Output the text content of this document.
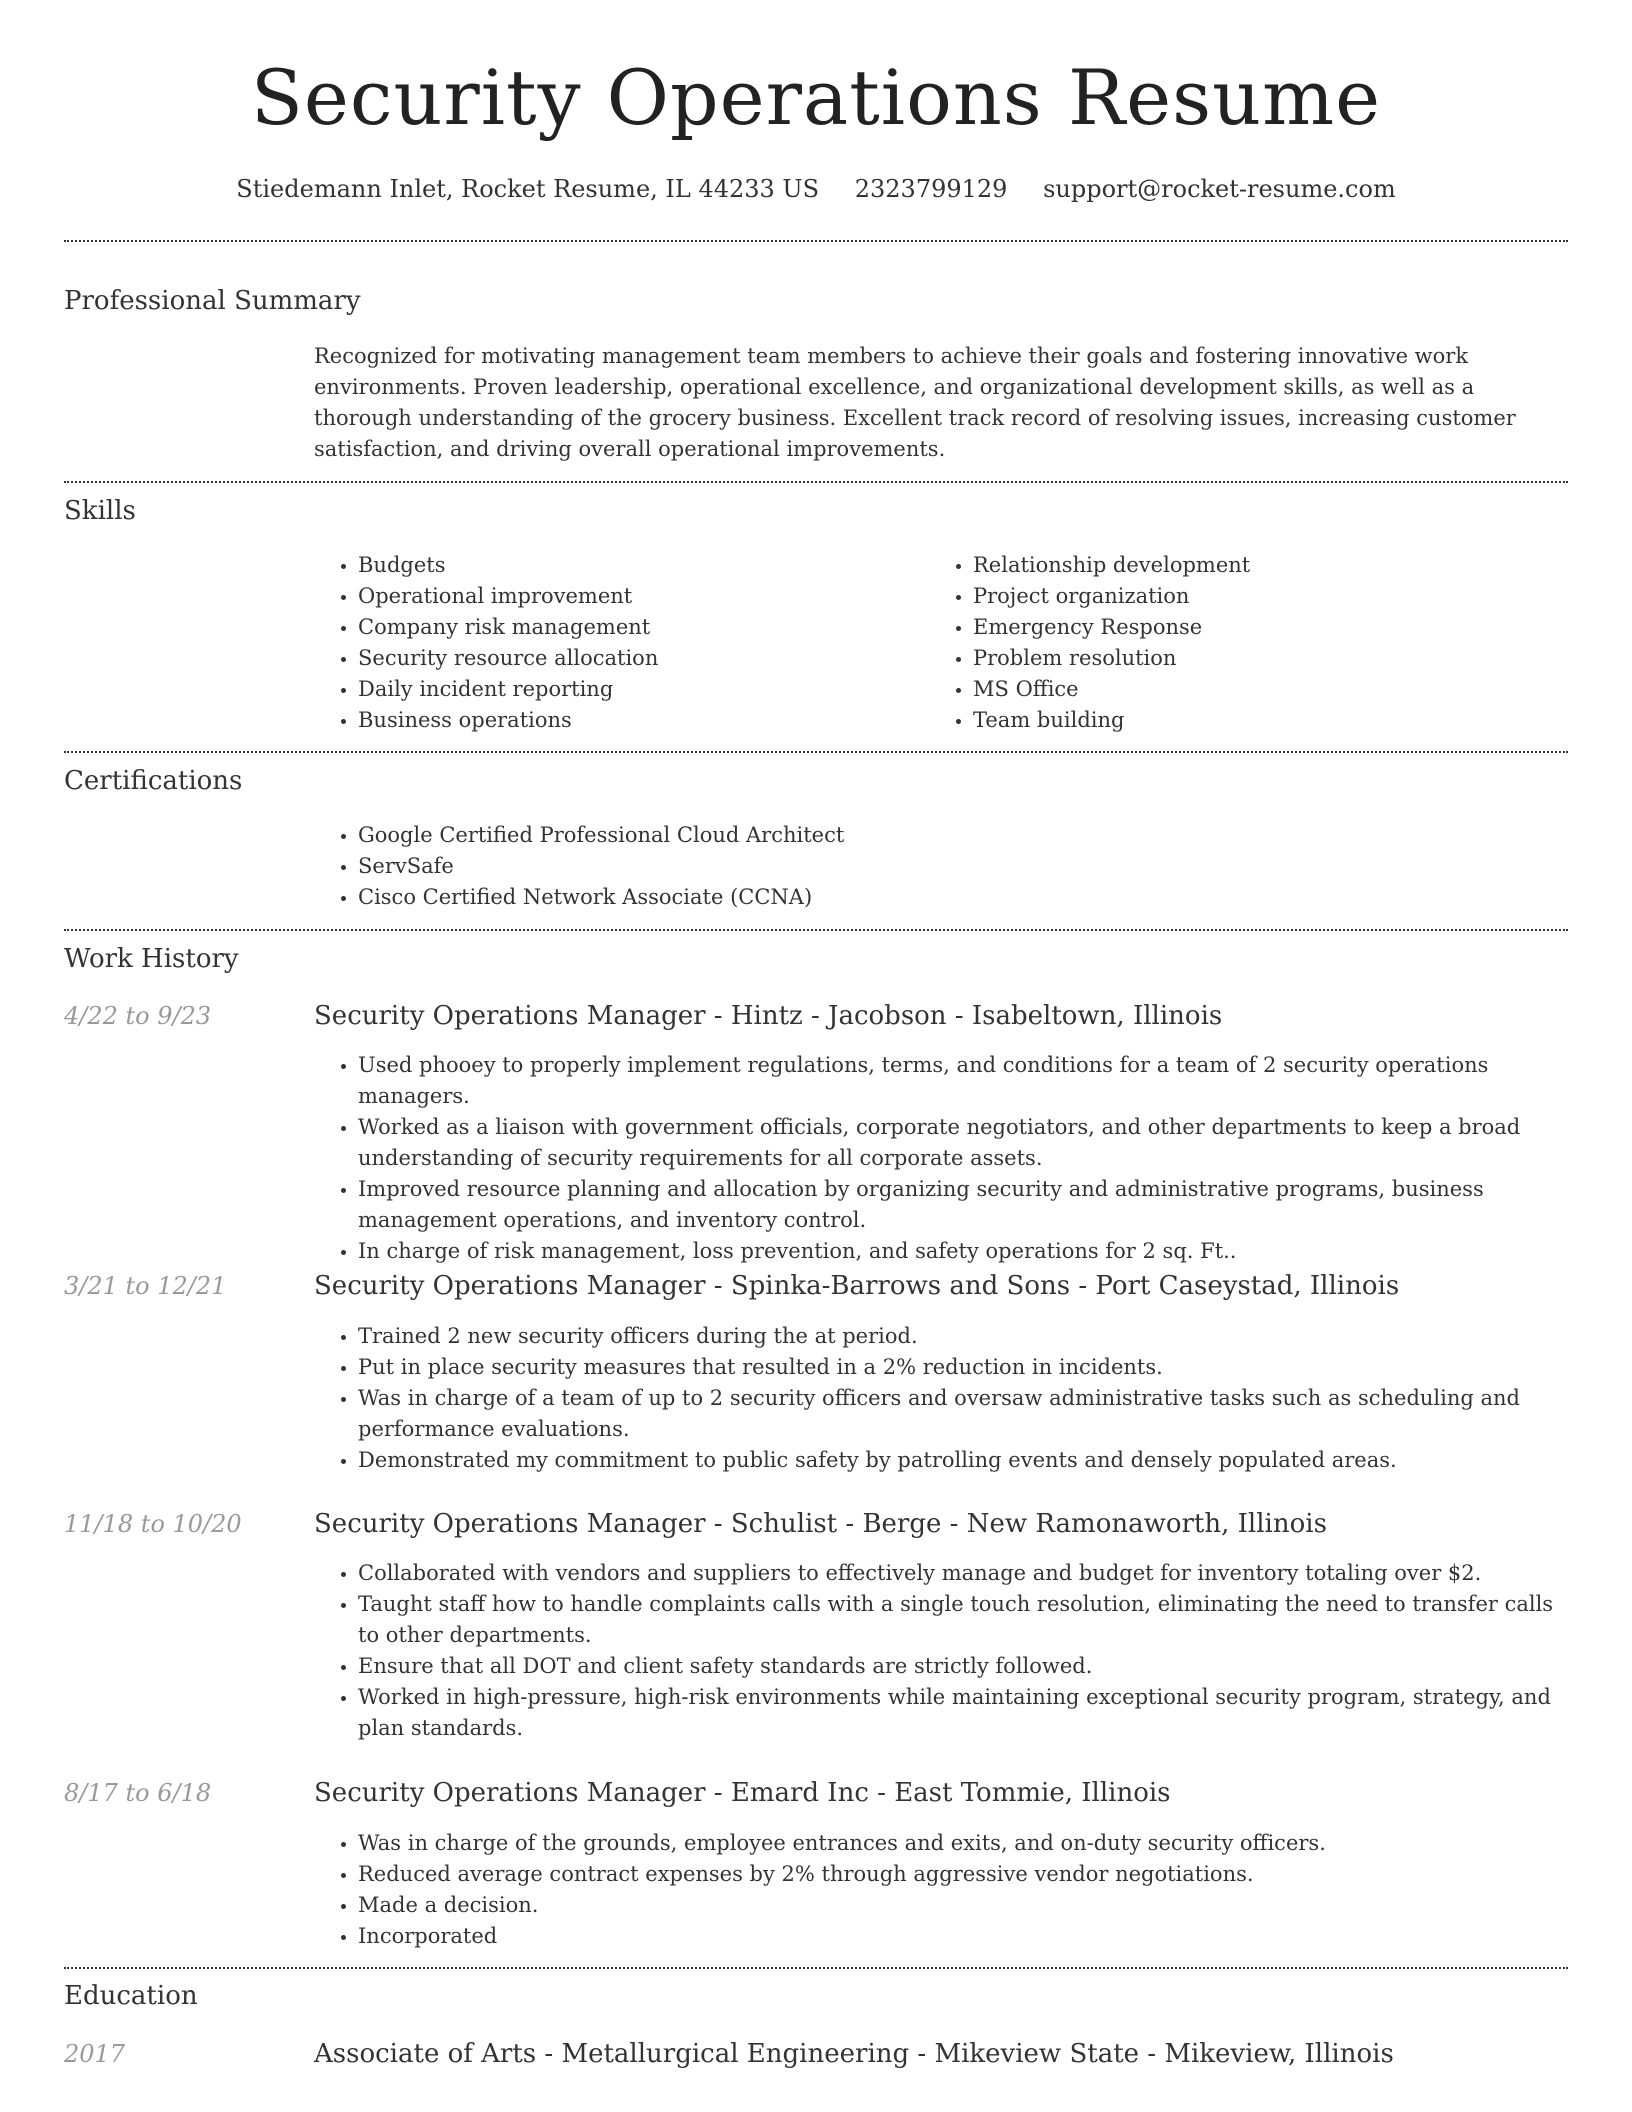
Security Operations Resume
Stiedemann Inlet, Rocket Resume, IL 44233 US 2323799129 support@rocket-resume.com
Professional Summary

Recognized for motivating management team members to achieve their goals and fostering innovative work environments. Proven leadership, operational excellence, and organizational development skills, as well as a thorough understanding of the grocery business. Excellent track record of resolving issues, increasing customer satisfaction, and driving overall operational improvements.

Skills
• Budgets
• Operational improvement
• Company risk management
• Security resource allocation
• Daily incident reporting
• Business operations
• Relationship development
• Project organization
• Emergency Response
• Problem resolution
• MS Office
• Team building
Certifications
• Google Certified Professional Cloud Architect
• ServSafe
• Cisco Certified Network Associate (CCNA)
Work History
4/22 to 9/23	Security Operations Manager - Hintz - Jacobson - Isabeltown, Illinois
• Used phooey to properly implement regulations, terms, and conditions for a team of 2 security operations managers.
• Worked as a liaison with government officials, corporate negotiators, and other departments to keep a broad understanding of security requirements for all corporate assets.
• Improved resource planning and allocation by organizing security and administrative programs, business management operations, and inventory control.
• In charge of risk management, loss prevention, and safety operations for 2 sq. Ft..
3/21 to 12/21	Security Operations Manager - Spinka-Barrows and Sons - Port Caseystad, Illinois
• Trained 2 new security officers during the at period.
• Put in place security measures that resulted in a 2% reduction in incidents.
• Was in charge of a team of up to 2 security officers and oversaw administrative tasks such as scheduling and performance evaluations.
• Demonstrated my commitment to public safety by patrolling events and densely populated areas.
11/18 to 10/20	Security Operations Manager - Schulist - Berge - New Ramonaworth, Illinois
• Collaborated with vendors and suppliers to effectively manage and budget for inventory totaling over $2.
• Taught staff how to handle complaints calls with a single touch resolution, eliminating the need to transfer calls to other departments.
• Ensure that all DOT and client safety standards are strictly followed.
• Worked in high-pressure, high-risk environments while maintaining exceptional security program, strategy, and plan standards.
8/17 to 6/18	Security Operations Manager - Emard Inc - East Tommie, Illinois
• Was in charge of the grounds, employee entrances and exits, and on-duty security officers.
• Reduced average contract expenses by 2% through aggressive vendor negotiations.
• Made a decision.
• Incorporated
Education
2017	Associate of Arts - Metallurgical Engineering - Mikeview State - Mikeview, Illinois
